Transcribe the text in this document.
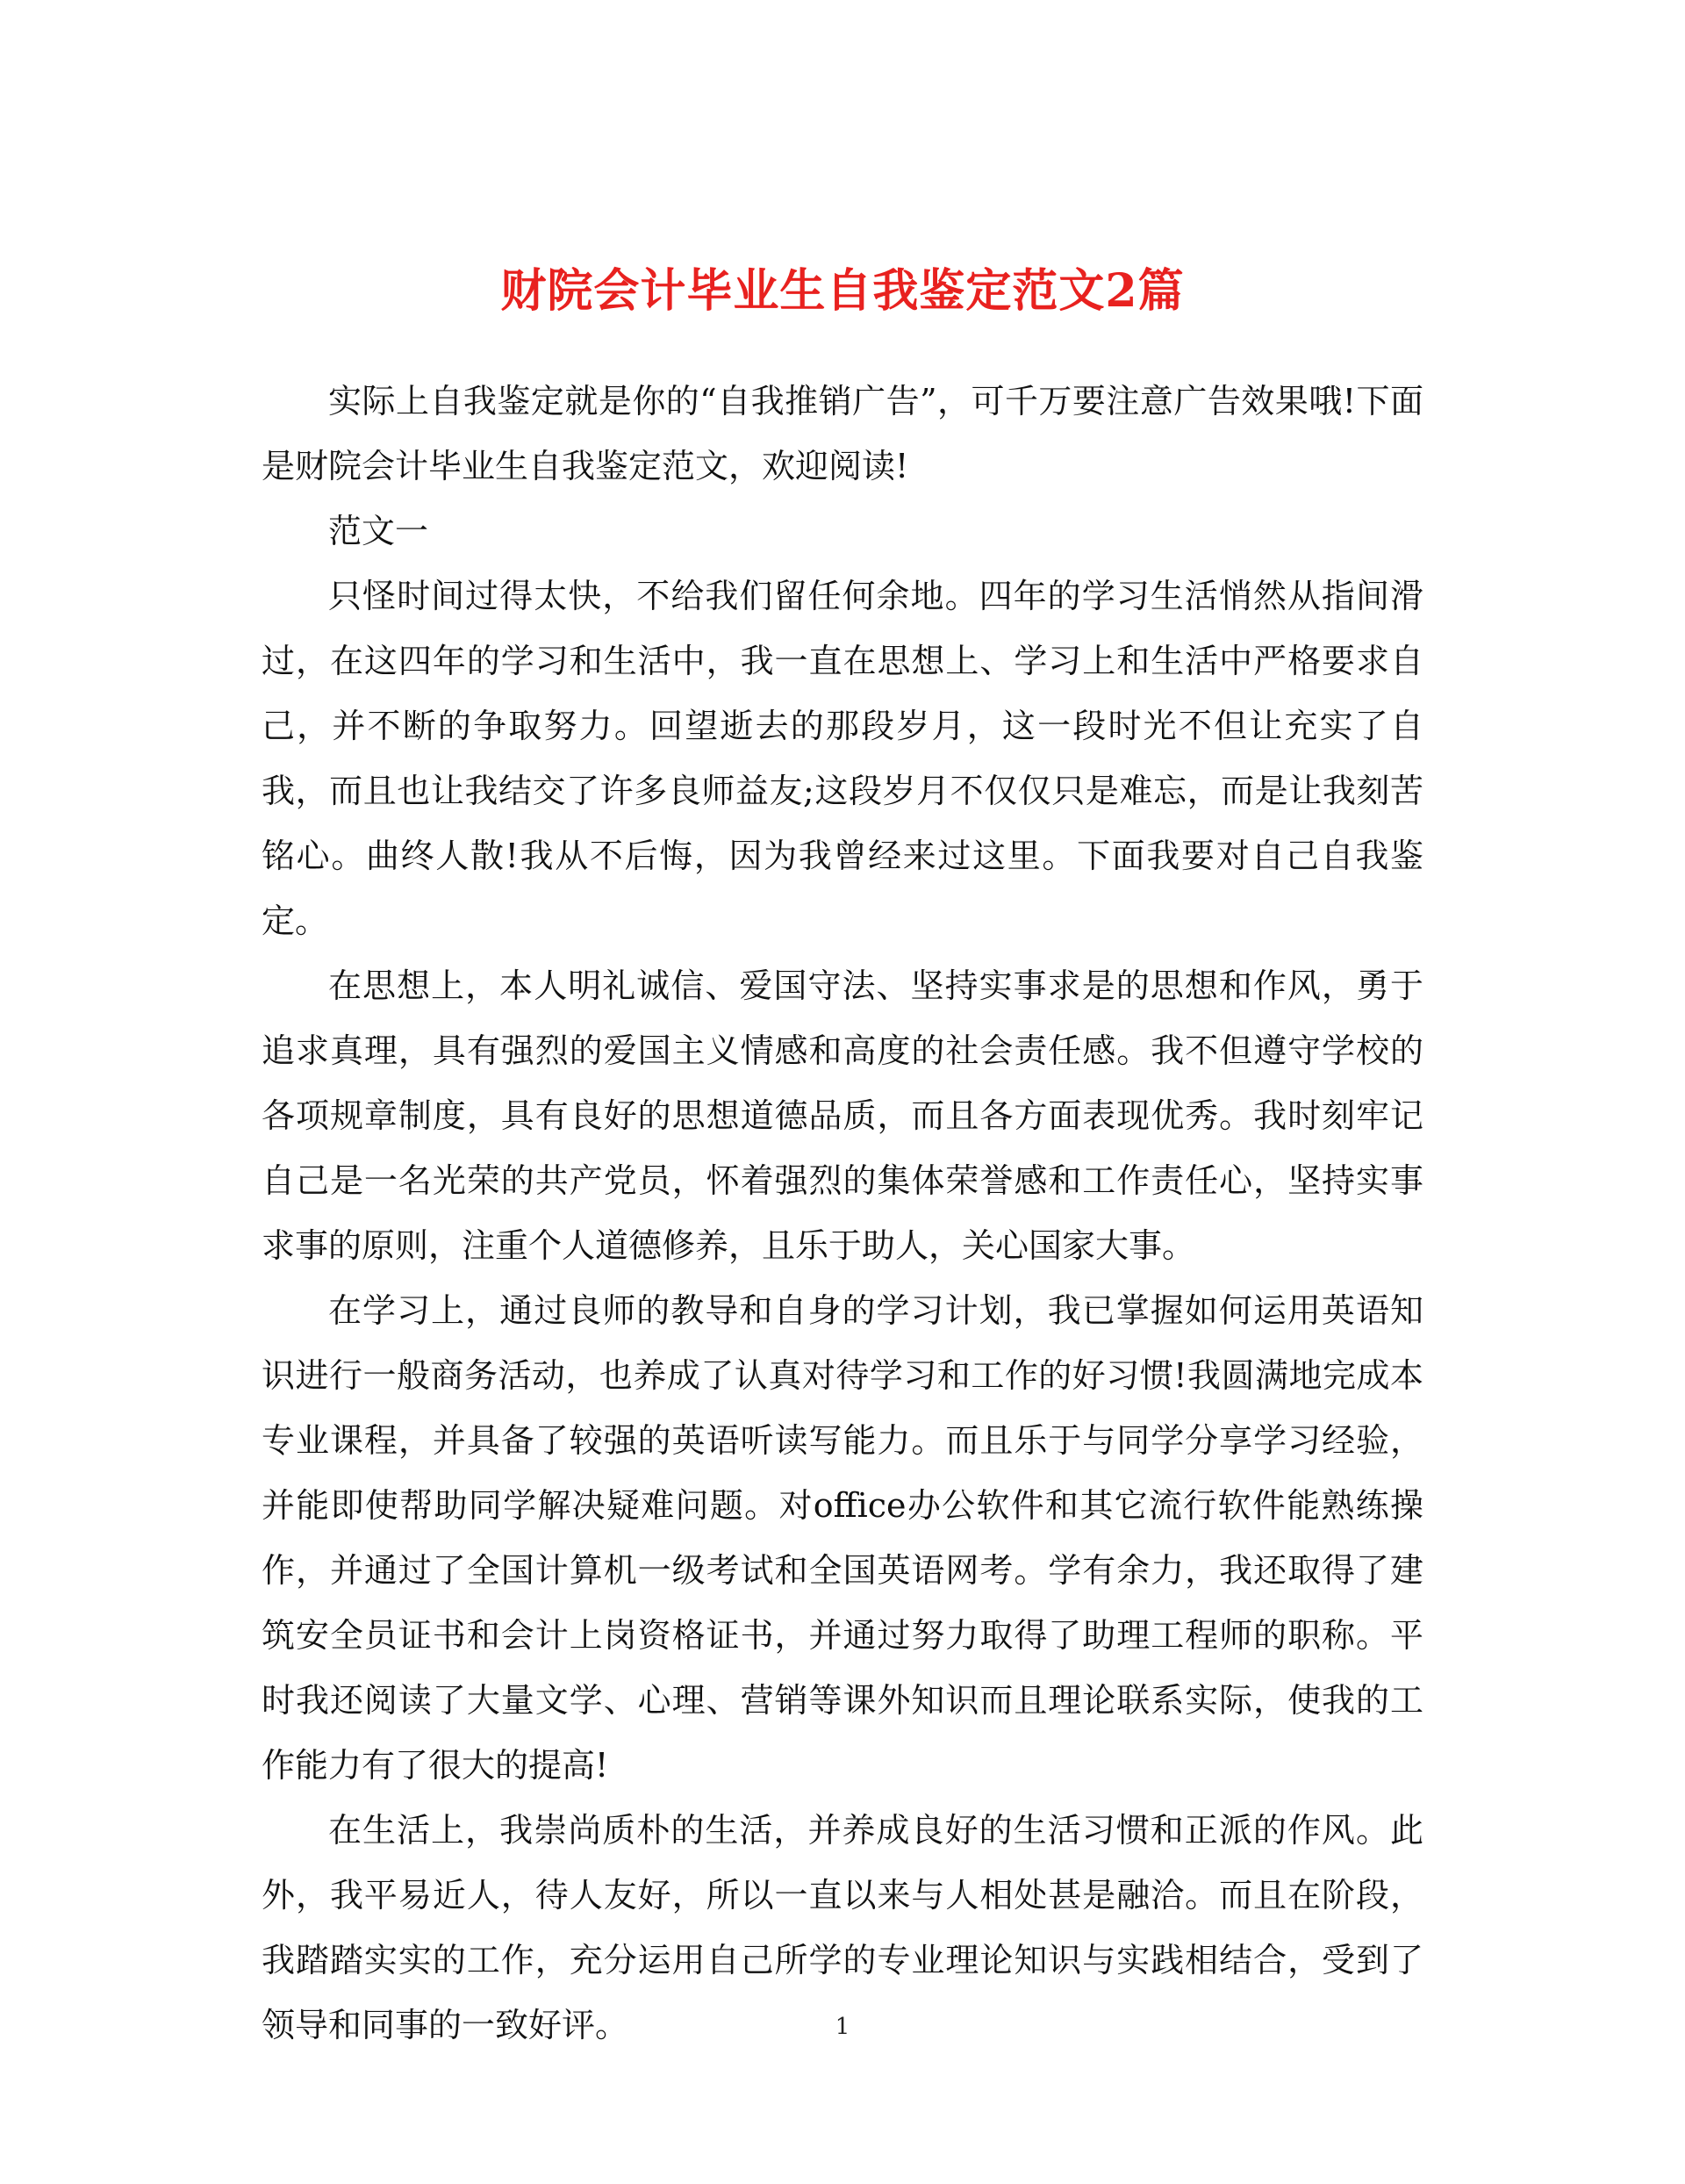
财院会计毕业生自我鉴定范文2篇

实际上自我鉴定就是你的“自我推销广告”，可千万要注意广告效果哦!下面是财院会计毕业生自我鉴定范文，欢迎阅读!

范文一

只怪时间过得太快，不给我们留任何余地。四年的学习生活悄然从指间滑过，在这四年的学习和生活中，我一直在思想上、学习上和生活中严格要求自己，并不断的争取努力。回望逝去的那段岁月，这一段时光不但让充实了自我，而且也让我结交了许多良师益友;这段岁月不仅仅只是难忘，而是让我刻苦铭心。曲终人散!我从不后悔，因为我曾经来过这里。下面我要对自己自我鉴定。

在思想上，本人明礼诚信、爱国守法、坚持实事求是的思想和作风，勇于追求真理，具有强烈的爱国主义情感和高度的社会责任感。我不但遵守学校的各项规章制度，具有良好的思想道德品质，而且各方面表现优秀。我时刻牢记自己是一名光荣的共产党员，怀着强烈的集体荣誉感和工作责任心，坚持实事求事的原则，注重个人道德修养，且乐于助人，关心国家大事。

在学习上，通过良师的教导和自身的学习计划，我已掌握如何运用英语知识进行一般商务活动，也养成了认真对待学习和工作的好习惯!我圆满地完成本专业课程，并具备了较强的英语听读写能力。而且乐于与同学分享学习经验，并能即使帮助同学解决疑难问题。对office办公软件和其它流行软件能熟练操作，并通过了全国计算机一级考试和全国英语网考。学有余力，我还取得了建筑安全员证书和会计上岗资格证书，并通过努力取得了助理工程师的职称。平时我还阅读了大量文学、心理、营销等课外知识而且理论联系实际，使我的工作能力有了很大的提高!

在生活上，我崇尚质朴的生活，并养成良好的生活习惯和正派的作风。此外，我平易近人，待人友好，所以一直以来与人相处甚是融洽。而且在阶段，我踏踏实实的工作，充分运用自己所学的专业理论知识与实践相结合，受到了领导和同事的一致好评。	1
